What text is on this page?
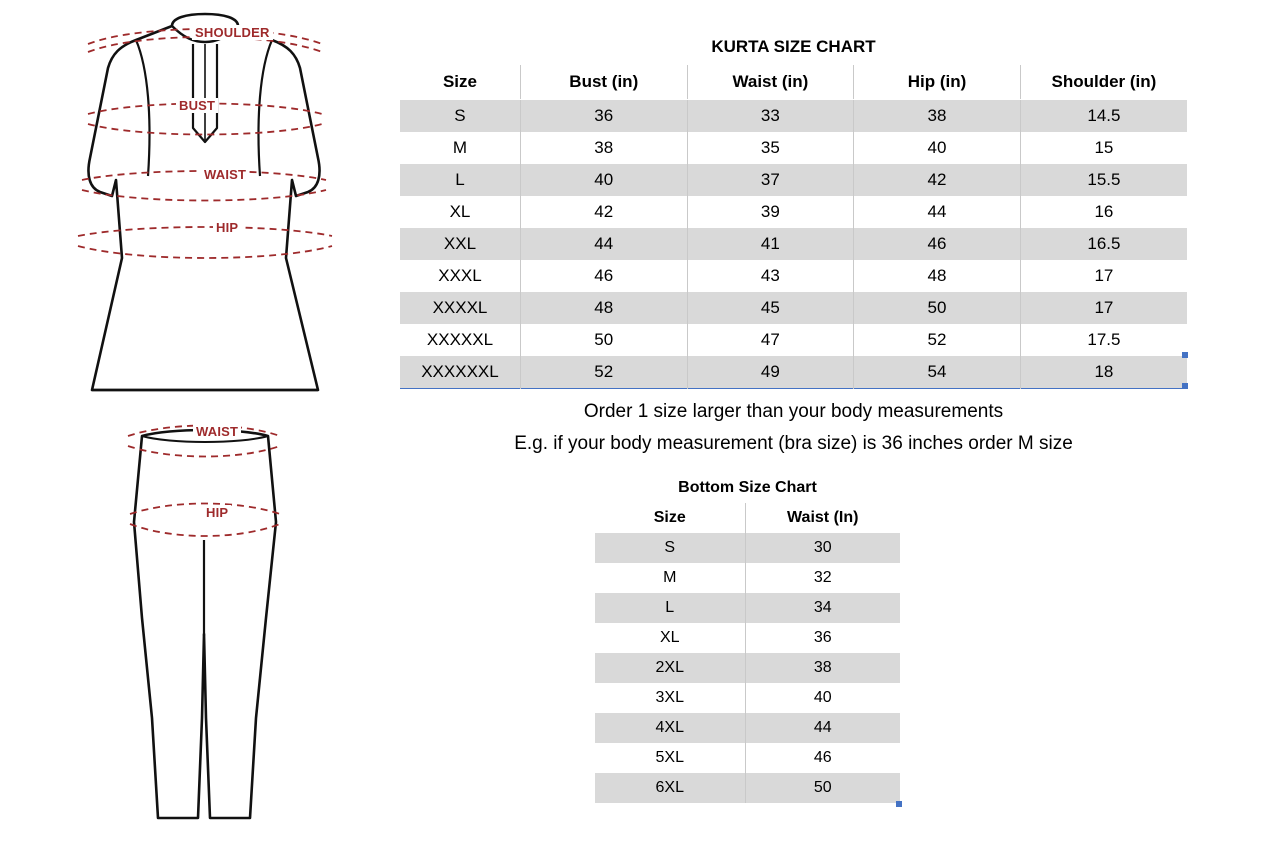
SHOULDER
BUST
WAIST
HIP
WAIST
HIP
KURTA SIZE CHART				
Size	Bust (in)	Waist (in)	Hip (in)	Shoulder (in)
S	36	33	38	14.5
M	38	35	40	15
L	40	37	42	15.5
XL	42	39	44	16
XXL	44	41	46	16.5
XXXL	46	43	48	17
XXXXL	48	45	50	17
XXXXXL	50	47	52	17.5
XXXXXXL	52	49	54	18
Order 1 size larger than your body measurements
E.g. if your body measurement (bra size) is 36 inches order M size
Bottom Size Chart	
Size	Waist (In)
S	30
M	32
L	34
XL	36
2XL	38
3XL	40
4XL	44
5XL	46
6XL	50
